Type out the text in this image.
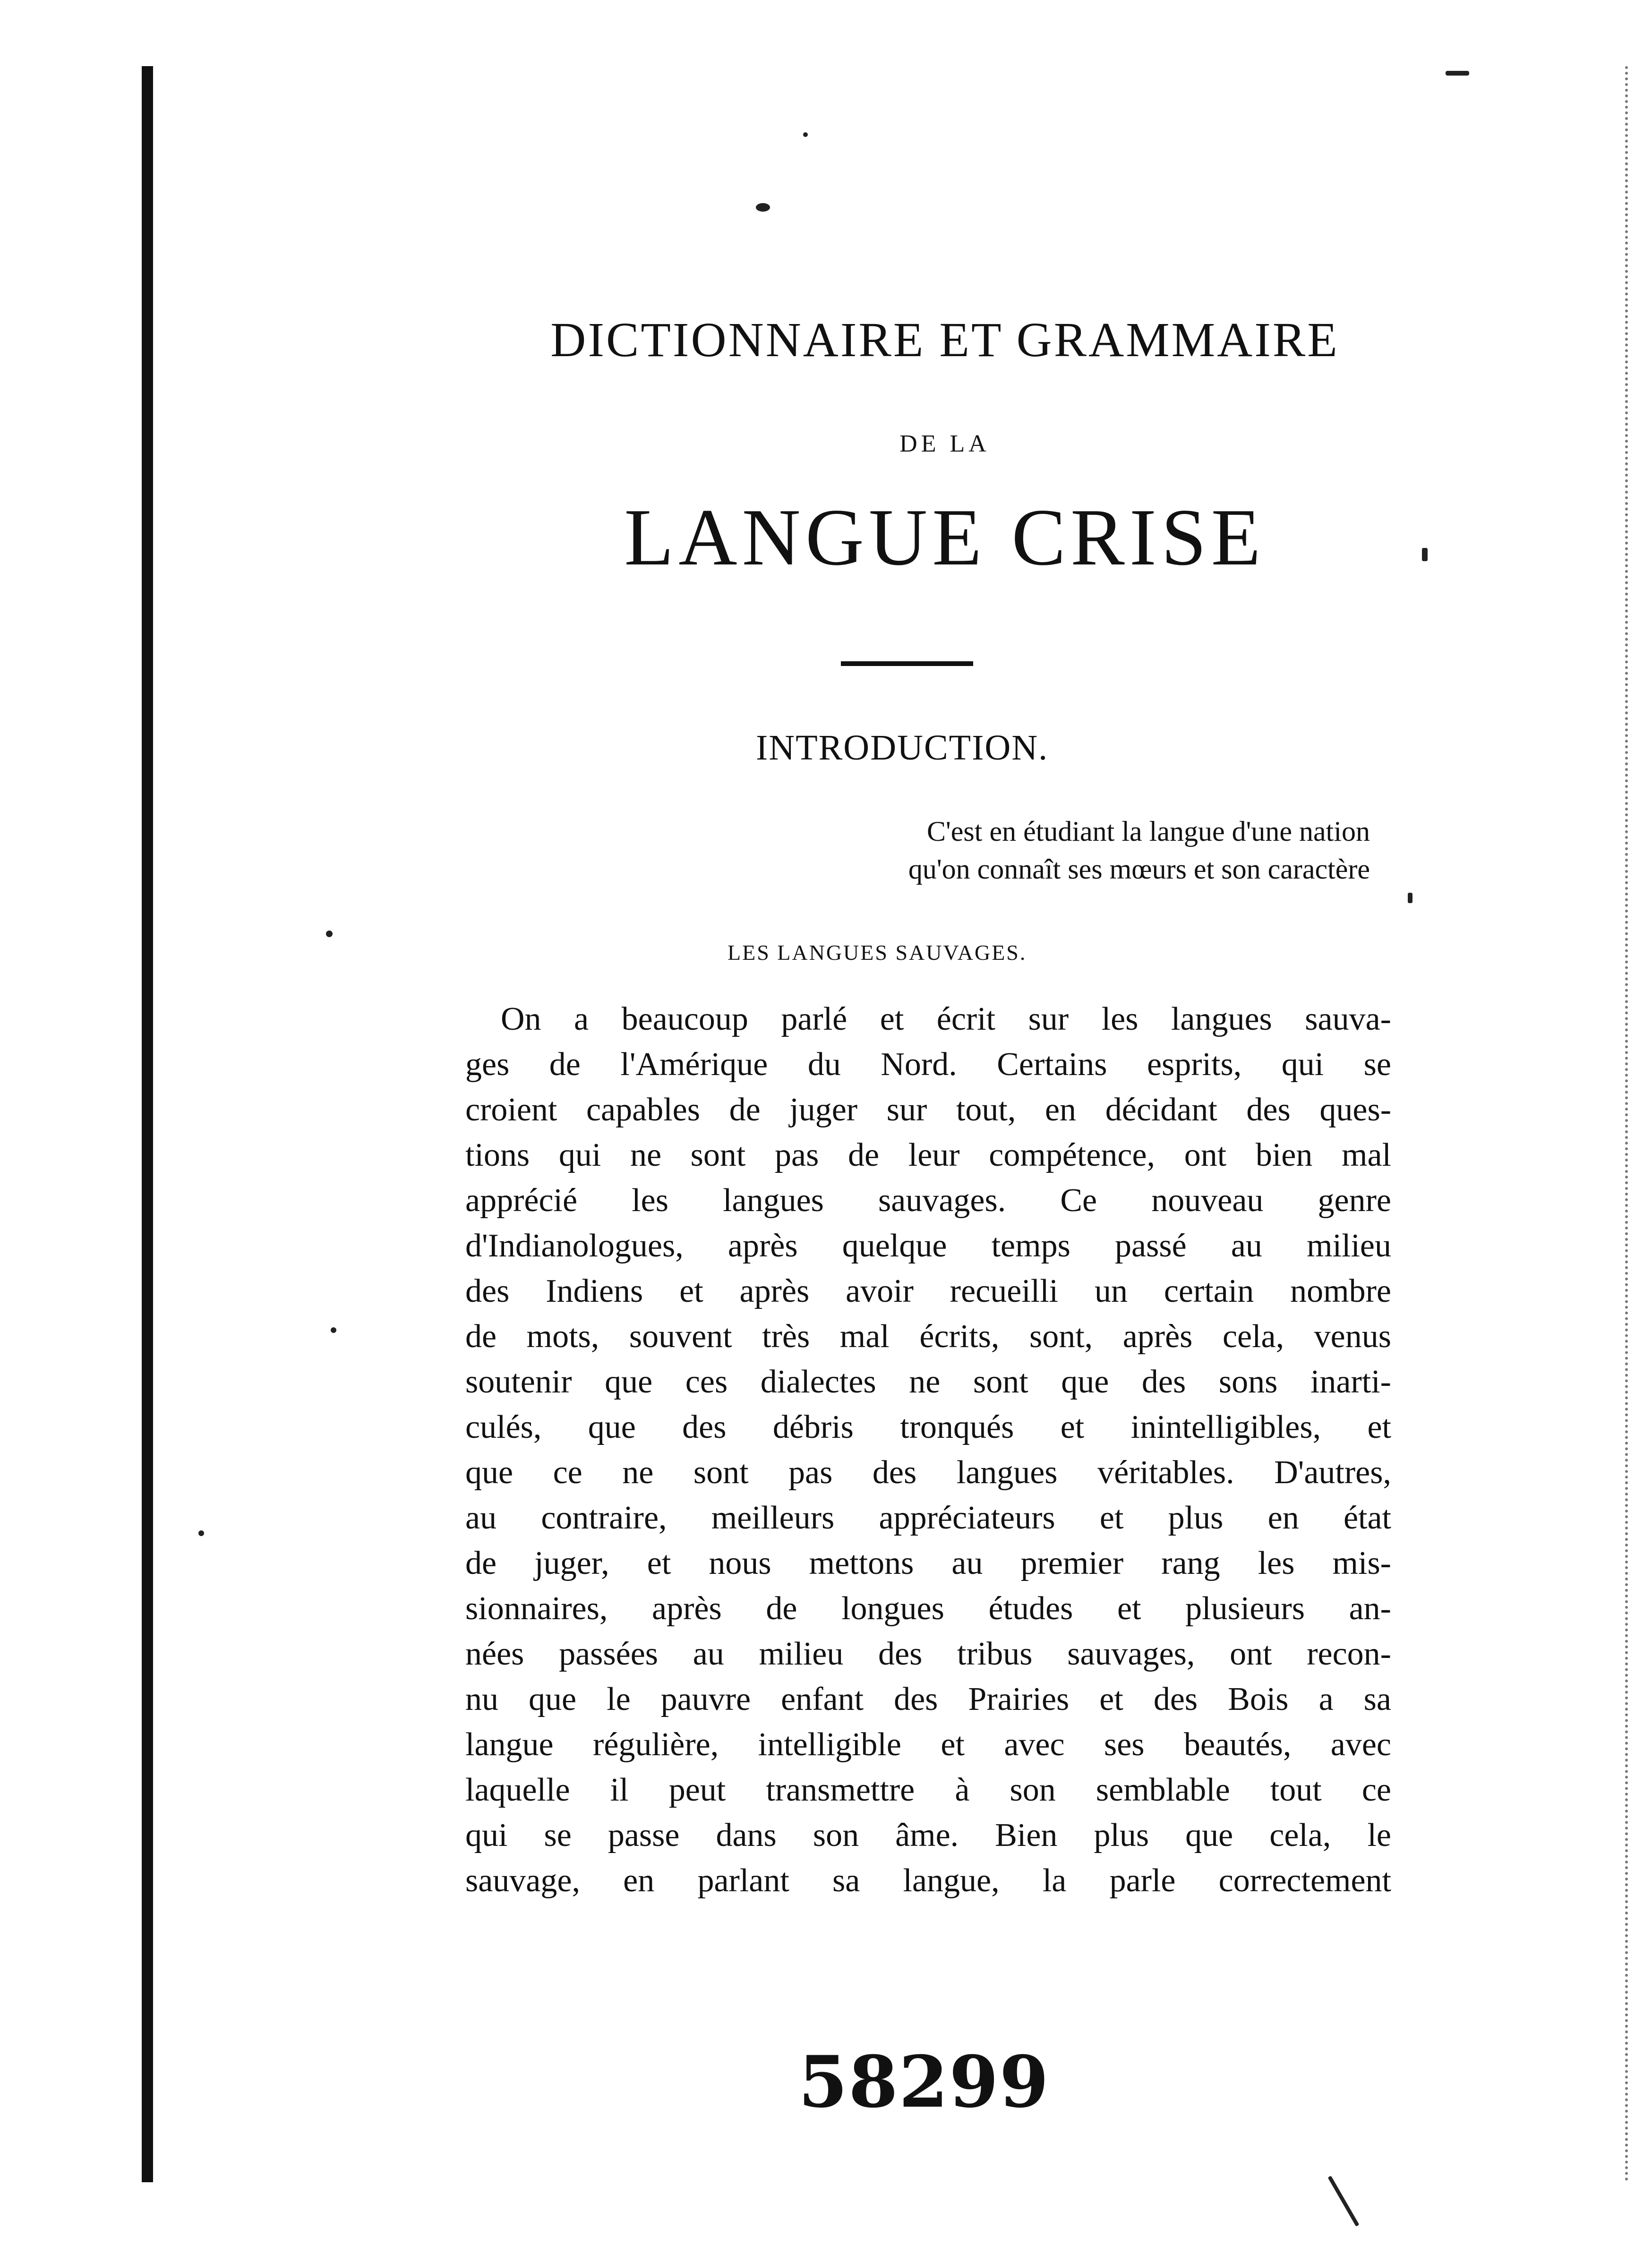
DICTIONNAIRE ET GRAMMAIRE
DE LA
LANGUE CRISE
INTRODUCTION.
C'est en étudiant la langue d'une nation
qu'on connaît ses mœurs et son caractère
LES LANGUES SAUVAGES.
On a beaucoup parlé et écrit sur les langues sauva-
ges de l'Amérique du Nord. Certains esprits, qui se
croient capables de juger sur tout, en décidant des ques-
tions qui ne sont pas de leur compétence, ont bien mal
apprécié les langues sauvages. Ce nouveau genre
d'Indianologues, après quelque temps passé au milieu
des Indiens et après avoir recueilli un certain nombre
de mots, souvent très mal écrits, sont, après cela, venus
soutenir que ces dialectes ne sont que des sons inarti-
culés, que des débris tronqués et inintelligibles, et
que ce ne sont pas des langues véritables. D'autres,
au contraire, meilleurs appréciateurs et plus en état
de juger, et nous mettons au premier rang les mis-
sionnaires, après de longues études et plusieurs an-
nées passées au milieu des tribus sauvages, ont recon-
nu que le pauvre enfant des Prairies et des Bois a sa
langue régulière, intelligible et avec ses beautés, avec
laquelle il peut transmettre à son semblable tout ce
qui se passe dans son âme. Bien plus que cela, le
sauvage, en parlant sa langue, la parle correctement
58299
